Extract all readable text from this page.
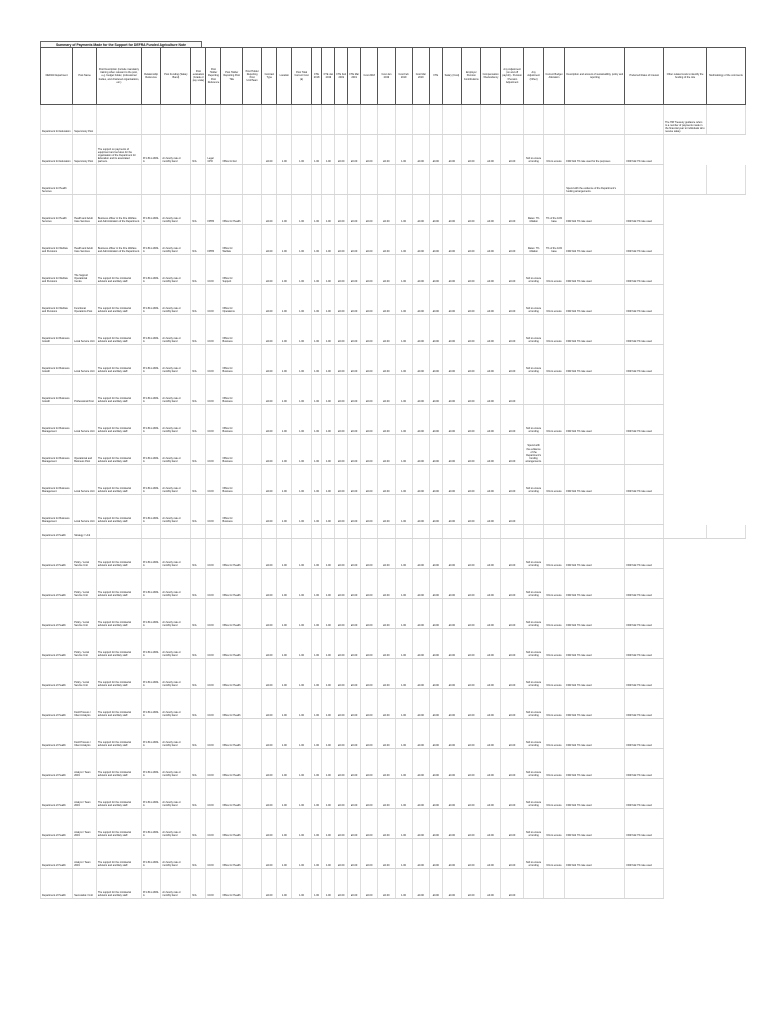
Summary of Payments Made for the Support for DEFRA Funded Agriculture Note
DEFRA Department	Post Name	Post Description (include mandatory training when relevant to the post, e.g. budget holder, professional bodies, and chartered organisations, etc.)	Relationship Reference	Post Funding (Salary Band)	Post evaluation (Grade or pay scale)	Post Holder Reporting Post Reference	Post Holder Reporting Post Title	Post Holder Reporting Post Unit/Team	Contract Type	Location	Post Total Current Cost (£)	FTE 2018	FTE Jan 2019	FTE Feb 2019	FTE Mar 2019	Cost 2018	Cost Jan 2019	Cost Feb 2019	Cost Mar 2019	FTE	Salary (Cost)	Employer Pension Contributions	Compensation / Redundancy	Any Adjustment (on and off payroll) - Pension / Pension Adjustment	Any Adjustment (Other)	Current Budget Allocation	Description and amount of sustainability, policy and reporting	Preferred Rates of Interest	Other related costs to identify the funding of the role	Methodology of the comments
Department for Education	Supervisory Post																												The HM Treasury guidance refers to a number of payments made in the financial year to individuals who receive salary.	
Department for Education	Supervisory Post	The support on payments of equipment and services for the organisation of the Department for Education and its associated partners.	Pr1-511-1382-A	An hourly rate or monthly band	N/A	Legal CPO	Office for Ed		£0.00	1.00	1.00	1.00	1.00	£0.00	£0.00	£0.00	£0.00	1.00	£0.00	£0.00	£0.00	£0.00	£0.00	£0.00	N/A to ensure a funding	N/A to ensure	FDR fold 7% rate used for the purposes	FDR fold 7% rate used		
Department for Health Services																											Spend with the evidence of the Department's funding arrangements.			
Department for Health Services	Health and Adult Care Services	Business officer in the Fire Welfare and Administration of the Department.	Pr1-511-1382-A	An hourly rate or monthly band	N/A	FPPR	Office for Health		£0.00	1.00	1.00	1.00	1.00	£0.00	£0.00	£0.00	£0.00	1.00	£0.00	£0.00	£0.00	£0.00	£0.00	£0.00	Rates: 7% inflation	7% of the 10% base	FDR fold 7% rate used	FDR fold 7% rate used		
Department for Welfare and Pensions	Health and Adult Care Services	Business officer in the Fire Welfare and Administration of the Department.	Pr1-511-1382-A	An hourly rate or monthly band	N/A	FPPR	Office for Welfare		£0.00	1.00	1.00	1.00	1.00	£0.00	£0.00	£0.00	£0.00	1.00	£0.00	£0.00	£0.00	£0.00	£0.00	£0.00	Rates: 7% inflation	7% of the 10% base	FDR fold 7% rate used	FDR fold 7% rate used		
Department for Welfare and Pensions	The Support Operational Centre	The support for the ministerial advisors and ancillary staff.	Pr1-511-1382-A	An hourly rate or monthly band	N/A	CCIO	Office for Support		£0.00	1.00	1.00	1.00	1.00	£0.00	£0.00	£0.00	£0.00	1.00	£0.00	£0.00	£0.00	£0.00	£0.00	£0.00	N/A to ensure a funding	N/A to ensure	FDR fold 7% rate used	FDR fold 7% rate used		
Department for Welfare and Pensions	Functional Operations Post	The support for the ministerial advisors and ancillary staff.	Pr1-511-1382-A	An hourly rate or monthly band	N/A	CCIO	Office for Operations		£0.00	1.00	1.00	1.00	1.00	£0.00	£0.00	£0.00	£0.00	1.00	£0.00	£0.00	£0.00	£0.00	£0.00	£0.00	N/A to ensure a funding	N/A to ensure	FDR fold 7% rate used	FDR fold 7% rate used		
Department for Business Growth	Local Service Unit	The support for the ministerial advisors and ancillary staff.	Pr1-511-1382-A	An hourly rate or monthly band	N/A	CCIO	Office for Business		£0.00	1.00	1.00	1.00	1.00	£0.00	£0.00	£0.00	£0.00	1.00	£0.00	£0.00	£0.00	£0.00	£0.00	£0.00	N/A to ensure a funding	N/A to ensure	FDR fold 7% rate used	FDR fold 7% rate used		
Department for Business Growth	Local Service Unit	The support for the ministerial advisors and ancillary staff.	Pr1-511-1382-A	An hourly rate or monthly band	N/A	CCIO	Office for Business		£0.00	1.00	1.00	1.00	1.00	£0.00	£0.00	£0.00	£0.00	1.00	£0.00	£0.00	£0.00	£0.00	£0.00	£0.00	N/A to ensure a funding	N/A to ensure	FDR fold 7% rate used	FDR fold 7% rate used		
Department for Business Growth	Professional Post	The support for the ministerial advisors and ancillary staff.	Pr1-511-1382-A	An hourly rate or monthly band	N/A	CCIO	Office for Business		£0.00	1.00	1.00	1.00	1.00	£0.00	£0.00	£0.00	£0.00	1.00	£0.00	£0.00	£0.00	£0.00	£0.00	£0.00						
Department for Business Management	Local Service Unit	The support for the ministerial advisors and ancillary staff.	Pr1-511-1382-A	An hourly rate or monthly band	N/A	CCIO	Office for Business		£0.00	1.00	1.00	1.00	1.00	£0.00	£0.00	£0.00	£0.00	1.00	£0.00	£0.00	£0.00	£0.00	£0.00	£0.00	N/A to ensure a funding	N/A to ensure	FDR fold 7% rate used	FDR fold 7% rate used		
Department for Business Management	Operational and Business Post	The support for the ministerial advisors and ancillary staff.	Pr1-511-1382-A	An hourly rate or monthly band	N/A	CCIO	Office for Business		£0.00	1.00	1.00	1.00	1.00	£0.00	£0.00	£0.00	£0.00	1.00	£0.00	£0.00	£0.00	£0.00	£0.00	£0.00	Spend with the evidence of the Department's funding arrangements.					
Department for Business Management	Local Service Unit	The support for the ministerial advisors and ancillary staff.	Pr1-511-1382-A	An hourly rate or monthly band	N/A	CCIO	Office for Business		£0.00	1.00	1.00	1.00	1.00	£0.00	£0.00	£0.00	£0.00	1.00	£0.00	£0.00	£0.00	£0.00	£0.00	£0.00	N/A to ensure a funding	N/A to ensure	FDR fold 7% rate used	FDR fold 7% rate used		
Department for Business Management	Local Service Unit	The support for the ministerial advisors and ancillary staff.	Pr1-511-1382-A	An hourly rate or monthly band	N/A	CCIO	Office for Business		£0.00	1.00	1.00	1.00	1.00	£0.00	£0.00	£0.00	£0.00	1.00	£0.00	£0.00	£0.00	£0.00	£0.00	£0.00						
Department of Health	Strategy / Unit																													
Department of Health	Policy / Local Service Unit	The support for the ministerial advisors and ancillary staff.	Pr1-511-1382-A	An hourly rate or monthly band	N/A	CCIO	Office for Health		£0.00	1.00	1.00	1.00	1.00	£0.00	£0.00	£0.00	£0.00	1.00	£0.00	£0.00	£0.00	£0.00	£0.00	£0.00	N/A to ensure a funding	N/A to ensure	FDR fold 7% rate used	FDR fold 7% rate used		
Department of Health	Policy / Local Service Unit	The support for the ministerial advisors and ancillary staff.	Pr1-511-1382-A	An hourly rate or monthly band	N/A	CCIO	Office for Health		£0.00	1.00	1.00	1.00	1.00	£0.00	£0.00	£0.00	£0.00	1.00	£0.00	£0.00	£0.00	£0.00	£0.00	£0.00	N/A to ensure a funding	N/A to ensure	FDR fold 7% rate used	FDR fold 7% rate used		
Department of Health	Policy / Local Service Unit	The support for the ministerial advisors and ancillary staff.	Pr1-511-1382-A	An hourly rate or monthly band	N/A	CCIO	Office for Health		£0.00	1.00	1.00	1.00	1.00	£0.00	£0.00	£0.00	£0.00	1.00	£0.00	£0.00	£0.00	£0.00	£0.00	£0.00	N/A to ensure a funding	N/A to ensure	FDR fold 7% rate used	FDR fold 7% rate used		
Department of Health	Policy / Local Service Unit	The support for the ministerial advisors and ancillary staff.	Pr1-511-1382-A	An hourly rate or monthly band	N/A	CCIO	Office for Health		£0.00	1.00	1.00	1.00	1.00	£0.00	£0.00	£0.00	£0.00	1.00	£0.00	£0.00	£0.00	£0.00	£0.00	£0.00	N/A to ensure a funding	N/A to ensure	FDR fold 7% rate used	FDR fold 7% rate used		
Department of Health	Policy / Local Service Unit	The support for the ministerial advisors and ancillary staff.	Pr1-511-1382-A	An hourly rate or monthly band	N/A	CCIO	Office for Health		£0.00	1.00	1.00	1.00	1.00	£0.00	£0.00	£0.00	£0.00	1.00	£0.00	£0.00	£0.00	£0.00	£0.00	£0.00	N/A to ensure a funding	N/A to ensure	FDR fold 7% rate used	FDR fold 7% rate used		
Department of Health	Field Process / Client Analysis	The support for the ministerial advisors and ancillary staff.	Pr1-511-1382-A	An hourly rate or monthly band	N/A	CCIO	Office for Health		£0.00	1.00	1.00	1.00	1.00	£0.00	£0.00	£0.00	£0.00	1.00	£0.00	£0.00	£0.00	£0.00	£0.00	£0.00	N/A to ensure a funding	N/A to ensure	FDR fold 7% rate used	FDR fold 7% rate used		
Department of Health	Field Process / Client Analysis	The support for the ministerial advisors and ancillary staff.	Pr1-511-1382-A	An hourly rate or monthly band	N/A	CCIO	Office for Health		£0.00	1.00	1.00	1.00	1.00	£0.00	£0.00	£0.00	£0.00	1.00	£0.00	£0.00	£0.00	£0.00	£0.00	£0.00	N/A to ensure a funding	N/A to ensure	FDR fold 7% rate used	FDR fold 7% rate used		
Department of Health	Analyst / Team 2019	The support for the ministerial advisors and ancillary staff.	Pr1-511-1382-A	An hourly rate or monthly band	N/A	CCIO	Office for Health		£0.00	1.00	1.00	1.00	1.00	£0.00	£0.00	£0.00	£0.00	1.00	£0.00	£0.00	£0.00	£0.00	£0.00	£0.00	N/A to ensure a funding	N/A to ensure	FDR fold 7% rate used	FDR fold 7% rate used		
Department of Health	Analyst / Team 2019	The support for the ministerial advisors and ancillary staff.	Pr1-511-1382-A	An hourly rate or monthly band	N/A	CCIO	Office for Health		£0.00	1.00	1.00	1.00	1.00	£0.00	£0.00	£0.00	£0.00	1.00	£0.00	£0.00	£0.00	£0.00	£0.00	£0.00	N/A to ensure a funding	N/A to ensure	FDR fold 7% rate used	FDR fold 7% rate used		
Department of Health	Analyst / Team 2019	The support for the ministerial advisors and ancillary staff.	Pr1-511-1382-A	An hourly rate or monthly band	N/A	CCIO	Office for Health		£0.00	1.00	1.00	1.00	1.00	£0.00	£0.00	£0.00	£0.00	1.00	£0.00	£0.00	£0.00	£0.00	£0.00	£0.00	N/A to ensure a funding	N/A to ensure	FDR fold 7% rate used	FDR fold 7% rate used		
Department of Health	Analyst / Team 2019	The support for the ministerial advisors and ancillary staff.	Pr1-511-1382-A	An hourly rate or monthly band	N/A	CCIO	Office for Health		£0.00	1.00	1.00	1.00	1.00	£0.00	£0.00	£0.00	£0.00	1.00	£0.00	£0.00	£0.00	£0.00	£0.00	£0.00	N/A to ensure a funding	N/A to ensure	FDR fold 7% rate used	FDR fold 7% rate used		
Department of Health	Secretariat / Unit	The support for the ministerial advisors and ancillary staff.	Pr1-511-1382-A	An hourly rate or monthly band	N/A	CCIO	Office for Health		£0.00	1.00	1.00	1.00	1.00	£0.00	£0.00	£0.00	£0.00	1.00	£0.00	£0.00	£0.00	£0.00	£0.00	£0.00						
